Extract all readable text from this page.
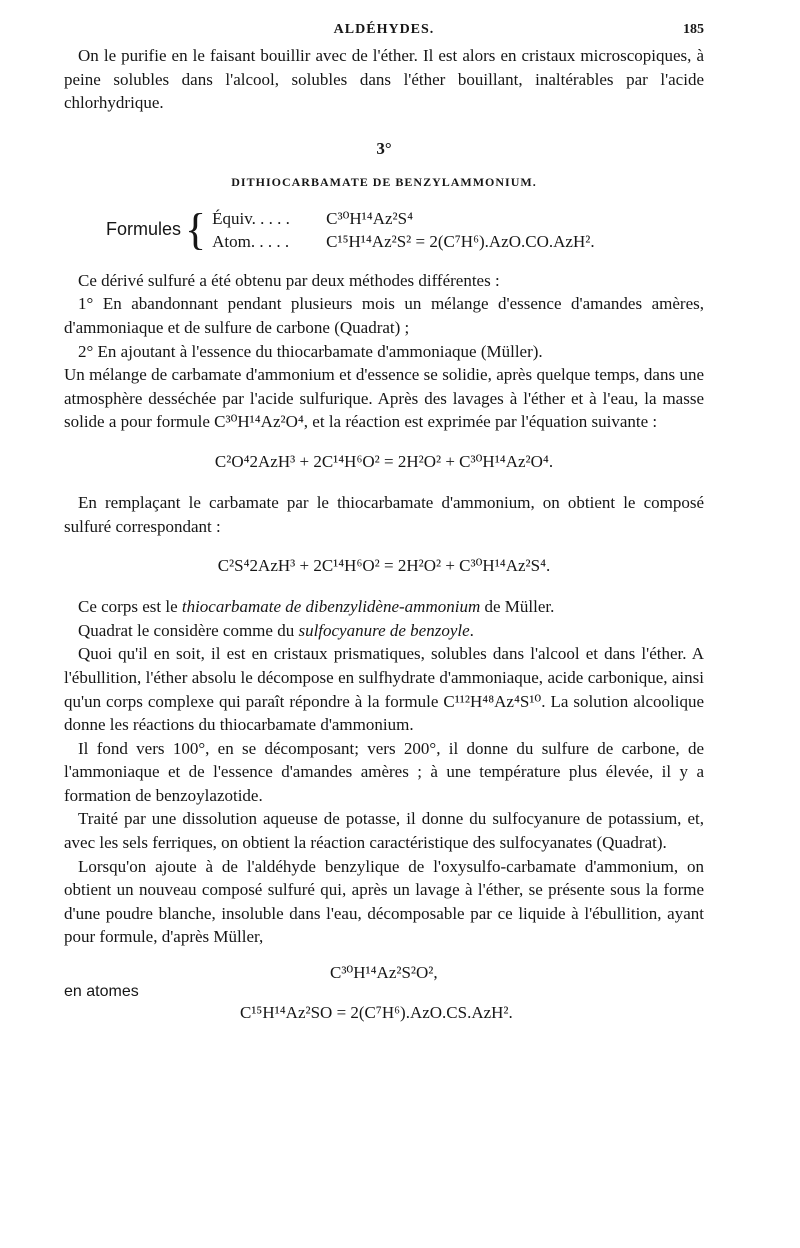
ALDÉHYDES.	185

On le purifie en le faisant bouillir avec de l'éther. Il est alors en cristaux microscopiques, à peine solubles dans l'alcool, solubles dans l'éther bouillant, inaltérables par l'acide chlorhydrique.

3°
DITHIOCARBAMATE DE BENZYLAMMONIUM.
Formules { Équiv. . . . .	C³⁰H¹⁴Az²S⁴
Atom. . . . .	C¹⁵H¹⁴Az²S² = 2(C⁷H⁶).AzO.CO.AzH².

Ce dérivé sulfuré a été obtenu par deux méthodes différentes :

1° En abandonnant pendant plusieurs mois un mélange d'essence d'amandes amères, d'ammoniaque et de sulfure de carbone (Quadrat) ;

2° En ajoutant à l'essence du thiocarbamate d'ammoniaque (Müller).

Un mélange de carbamate d'ammonium et d'essence se solidie, après quelque temps, dans une atmosphère desséchée par l'acide sulfurique. Après des lavages à l'éther et à l'eau, la masse solide a pour formule C³⁰H¹⁴Az²O⁴, et la réaction est exprimée par l'équation suivante :

C²O⁴2AzH³ + 2C¹⁴H⁶O² = 2H²O² + C³⁰H¹⁴Az²O⁴.

En remplaçant le carbamate par le thiocarbamate d'ammonium, on obtient le composé sulfuré correspondant :

C²S⁴2AzH³ + 2C¹⁴H⁶O² = 2H²O² + C³⁰H¹⁴Az²S⁴.

Ce corps est le thiocarbamate de dibenzylidène-ammonium de Müller.

Quadrat le considère comme du sulfocyanure de benzoyle.

Quoi qu'il en soit, il est en cristaux prismatiques, solubles dans l'alcool et dans l'éther. A l'ébullition, l'éther absolu le décompose en sulfhydrate d'ammoniaque, acide carbonique, ainsi qu'un corps complexe qui paraît répondre à la formule C¹¹²H⁴⁸Az⁴S¹⁰. La solution alcoolique donne les réactions du thiocarbamate d'ammonium.

Il fond vers 100°, en se décomposant; vers 200°, il donne du sulfure de carbone, de l'ammoniaque et de l'essence d'amandes amères ; à une température plus élevée, il y a formation de benzoylazotide.

Traité par une dissolution aqueuse de potasse, il donne du sulfocyanure de potassium, et, avec les sels ferriques, on obtient la réaction caractéristique des sulfocyanates (Quadrat).

Lorsqu'on ajoute à de l'aldéhyde benzylique de l'oxysulfo-carbamate d'ammonium, on obtient un nouveau composé sulfuré qui, après un lavage à l'éther, se présente sous la forme d'une poudre blanche, insoluble dans l'eau, décomposable par ce liquide à l'ébullition, ayant pour formule, d'après Müller,

C³⁰H¹⁴Az²S²O²,
en atomes
C¹⁵H¹⁴Az²SO = 2(C⁷H⁶).AzO.CS.AzH².
